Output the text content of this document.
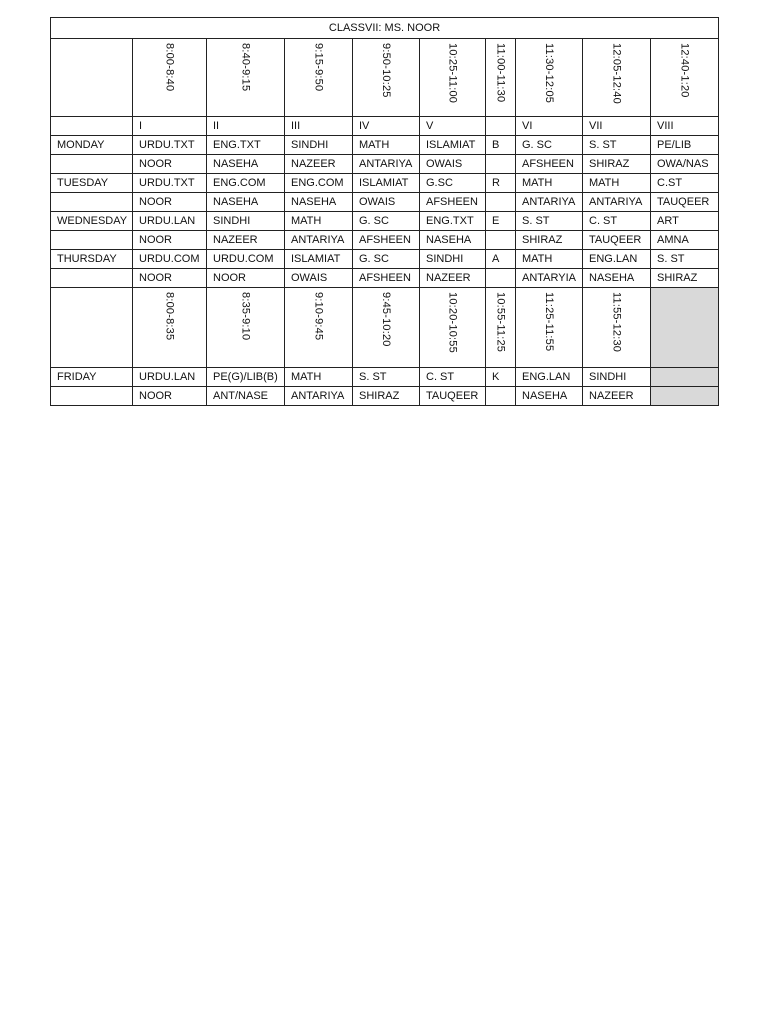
CLASSVII: MS. NOOR									

	8:00-8:40	8:40-9:15	9:15-9:50	9:50-10:25	10:25-11:00	11:00-11:30	11:30-12:05	12:05-12:40	12:40-1:20

	I	II	III	IV	V		VI	VII	VIII
MONDAY	URDU.TXT	ENG.TXT	SINDHI	MATH	ISLAMIAT	B	G. SC	S. ST	PE/LIB
	NOOR	NASEHA	NAZEER	ANTARIYA	OWAIS		AFSHEEN	SHIRAZ	OWA/NAS
TUESDAY	URDU.TXT	ENG.COM	ENG.COM	ISLAMIAT	G.SC	R	MATH	MATH	C.ST
	NOOR	NASEHA	NASEHA	OWAIS	AFSHEEN		ANTARIYA	ANTARIYA	TAUQEER
WEDNESDAY	URDU.LAN	SINDHI	MATH	G. SC	ENG.TXT	E	S. ST	C. ST	ART
	NOOR	NAZEER	ANTARIYA	AFSHEEN	NASEHA		SHIRAZ	TAUQEER	AMNA
THURSDAY	URDU.COM	URDU.COM	ISLAMIAT	G. SC	SINDHI	A	MATH	ENG.LAN	S. ST
	NOOR	NOOR	OWAIS	AFSHEEN	NAZEER		ANTARYIA	NASEHA	SHIRAZ

	8:00-8:35	8:35-9:10	9:10-9:45	9:45-10:20	10:20-10:55	10:55-11:25	11:25-11:55	11:55-12:30	

FRIDAY	URDU.LAN	PE(G)/LIB(B)	MATH	S. ST	C. ST	K	ENG.LAN	SINDHI	
	NOOR	ANT/NASE	ANTARIYA	SHIRAZ	TAUQEER		NASEHA	NAZEER	
